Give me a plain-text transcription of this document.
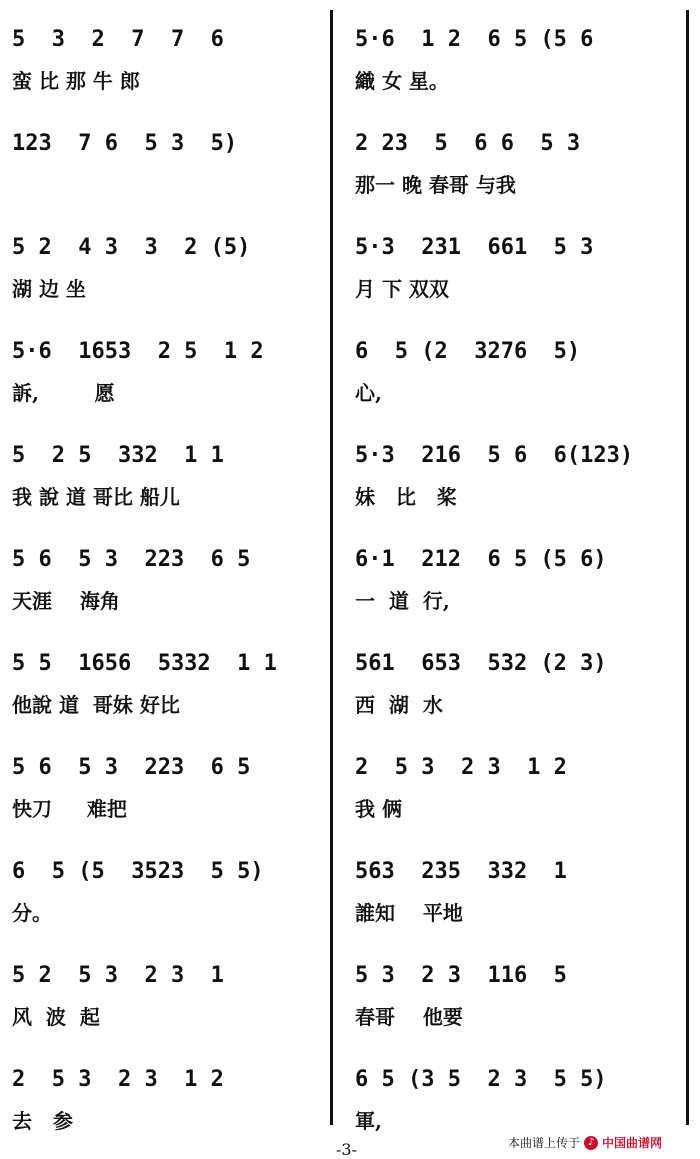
5  3  2  7  7  6
蛮 比 那 牛 郎
5·6  1 2  6 5 (5 6
織 女 星。
123  7 6  5 3  5)	2 23  5  6 6  5 3
那一 晚 春哥 与我
5 2  4 3  3  2 (5)
湖 边 坐
5·3  231  661  5 3
月 下 双双
5·6  1653  2 5  1 2
訴,        愿
6  5 (2  3276  5)
心,
5  2 5  332  1 1
我 說 道 哥比 船儿
5·3  216  5 6  6(123)
妹   比   桨
5 6  5 3  223  6 5
天涯    海角
6·1  212  6 5 (5 6)
一  道  行,
5 5  1656  5332  1 1
他說 道  哥妹 好比
561  653  532 (2 3)
西  湖  水
5 6  5 3  223  6 5
快刀     难把
2  5 3  2 3  1 2
我 俩
6  5 (5  3523  5 5)
分。
563  235  332  1
誰知    平地
5 2  5 3  2 3  1
风  波  起
5 3  2 3  116  5
春哥    他要
2  5 3  2 3  1 2
去   参
6 5 (3 5  2 3  5 5)
軍,
-3-	本曲谱上传于 ♪ 中国曲谱网
